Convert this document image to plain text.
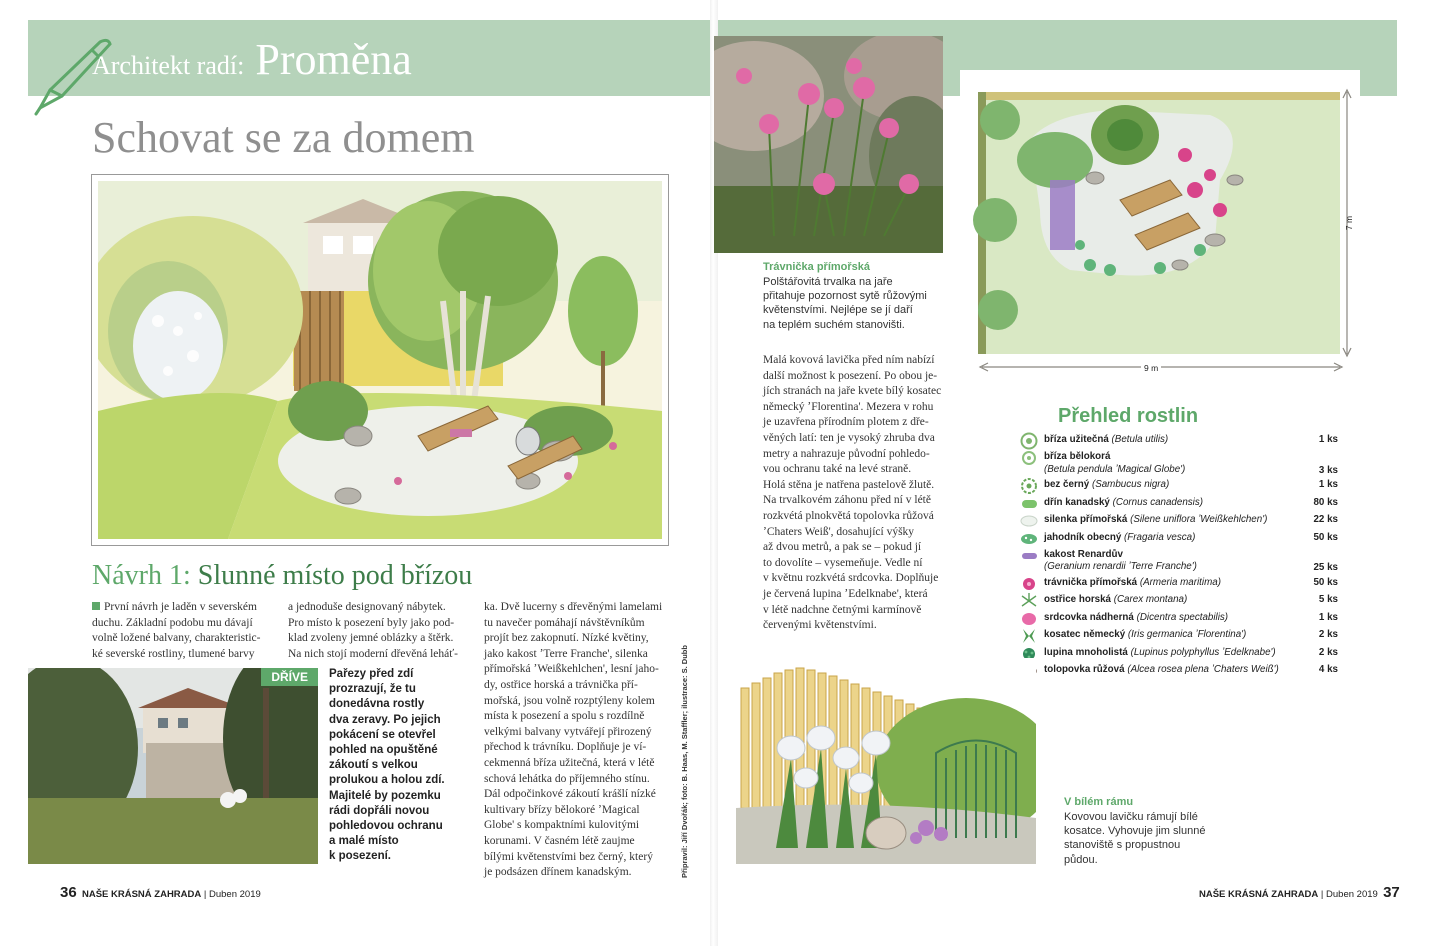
Architekt radí: Proměna
Schovat se za domem
Návrh 1: Slunné místo pod břízou

První návrh je laděn v severském

duchu. Základní podobu mu dávají

volně ložené balvany, charakteristic-

ké severské rostliny, tlumené barvy

a jednoduše designovaný nábytek.

Pro místo k posezení byly jako pod-

klad zvoleny jemné oblázky a štěrk.

Na nich stojí moderní dřevěná leháť-

ka. Dvě lucerny s dřevěnými lamelami

tu navečer pomáhají návštěvníkům

projít bez zakopnutí. Nízké květiny,

jako kakost ʼTerre Franche', silenka

přímořská ʼWeißkehlchen', lesní jaho-

dy, ostřice horská a trávnička pří-

mořská, jsou volně rozptýleny kolem

místa k posezení a spolu s rozdílně

velkými balvany vytvářejí přirozený

přechod k trávníku. Doplňuje je ví-

cekmenná bříza užitečná, která v létě

schová lehátka do příjemného stínu.

Dál odpočinkové zákoutí krášlí nízké

kultivary břízy bělokoré ʼMagical

Globe' s kompaktními kulovitými

korunami. V časném létě zaujme

bílými květenstvími bez černý, který

je podsázen dřínem kanadským.

DŘÍVE	Pařezy před zdí

prozrazují, že tu

donedávna rostly

dva zeravy. Po jejich

pokácení se otevřel

pohled na opuštěné

zákoutí s velkou

prolukou a holou zdí.

Majitelé by pozemku

rádi dopřáli novou

pohledovou ochranu

a malé místo

k posezení.	Připravil: Jiří Dvořák; foto: B. Haas, M. Staffler; ilustrace: S. Dubb
36 NAŠE KRÁSNÁ ZAHRADA | Duben 2019
Trávnička přímořská

Polštářovitá trvalka na jaře

přitahuje pozornost sytě růžovými

květenstvími. Nejlépe se jí daří

na teplém suchém stanovišti.

Malá kovová lavička před ním nabízí

další možnost k posezení. Po obou je-

jích stranách na jaře kvete bílý kosatec

německý ʼFlorentina'. Mezera v rohu

je uzavřena přírodním plotem z dře-

věných latí: ten je vysoký zhruba dva

metry a nahrazuje původní pohledo-

vou ochranu také na levé straně.

Holá stěna je natřena pastelově žlutě.

Na trvalkovém záhonu před ní v létě

rozkvétá plnokvětá topolovka růžová

ʼChaters Weiß', dosahující výšky

až dvou metrů, a pak se – pokud jí

to dovolíte – vysemeňuje. Vedle ní

v květnu rozkvétá srdcovka. Doplňuje

je červená lupina ʼEdelknabe', která

v létě nadchne četnými karmínově

červenými květenstvími.

7 m
9 m
Přehled rostlin
bříza užitečná (Betula utilis)	1 ks
bříza bělokorá
(Betula pendula ʼMagical Globe')	3 ks
bez černý (Sambucus nigra)	1 ks
dřín kanadský (Cornus canadensis)	80 ks
silenka přímořská (Silene uniflora ʼWeißkehlchen')	22 ks
jahodník obecný (Fragaria vesca)	50 ks
kakost Renardův
(Geranium renardii ʼTerre Franche')	25 ks
trávnička přímořská (Armeria maritima)	50 ks
ostřice horská (Carex montana)	5 ks
srdcovka nádherná (Dicentra spectabilis)	1 ks
kosatec německý (Iris germanica ʼFlorentina')	2 ks
lupina mnoholistá (Lupinus polyphyllus ʼEdelknabe')	2 ks
tolopovka růžová (Alcea rosea plena ʼChaters Weiß')	4 ks
V bílém rámu

Kovovou lavičku rámují bílé

kosatce. Vyhovuje jim slunné

stanoviště s propustnou

půdou.

NAŠE KRÁSNÁ ZAHRADA | Duben 2019 37
